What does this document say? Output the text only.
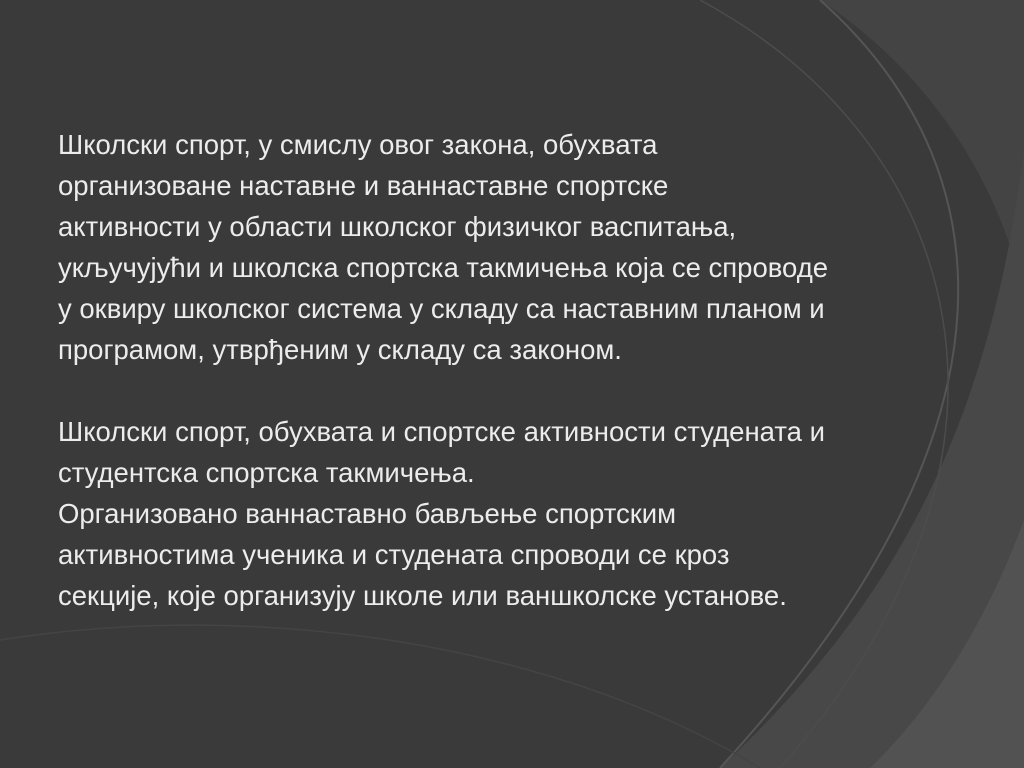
Школски спорт, у смислу овог закона, обухвата
организоване наставне и ваннаставне спортске
активности у области школског физичког васпитања,
укључујући и школска спортска такмичења која се спроводе
у оквиру школског система у складу са наставним планом и
програмом, утврђеним у складу са законом.
Школски спорт, обухвата и спортске активности студената и
студентска спортска такмичења.
Организовано ваннаставно бављење спортским
активностима ученика и студената спроводи се кроз
секције, које организују школе или ваншколске установе.
